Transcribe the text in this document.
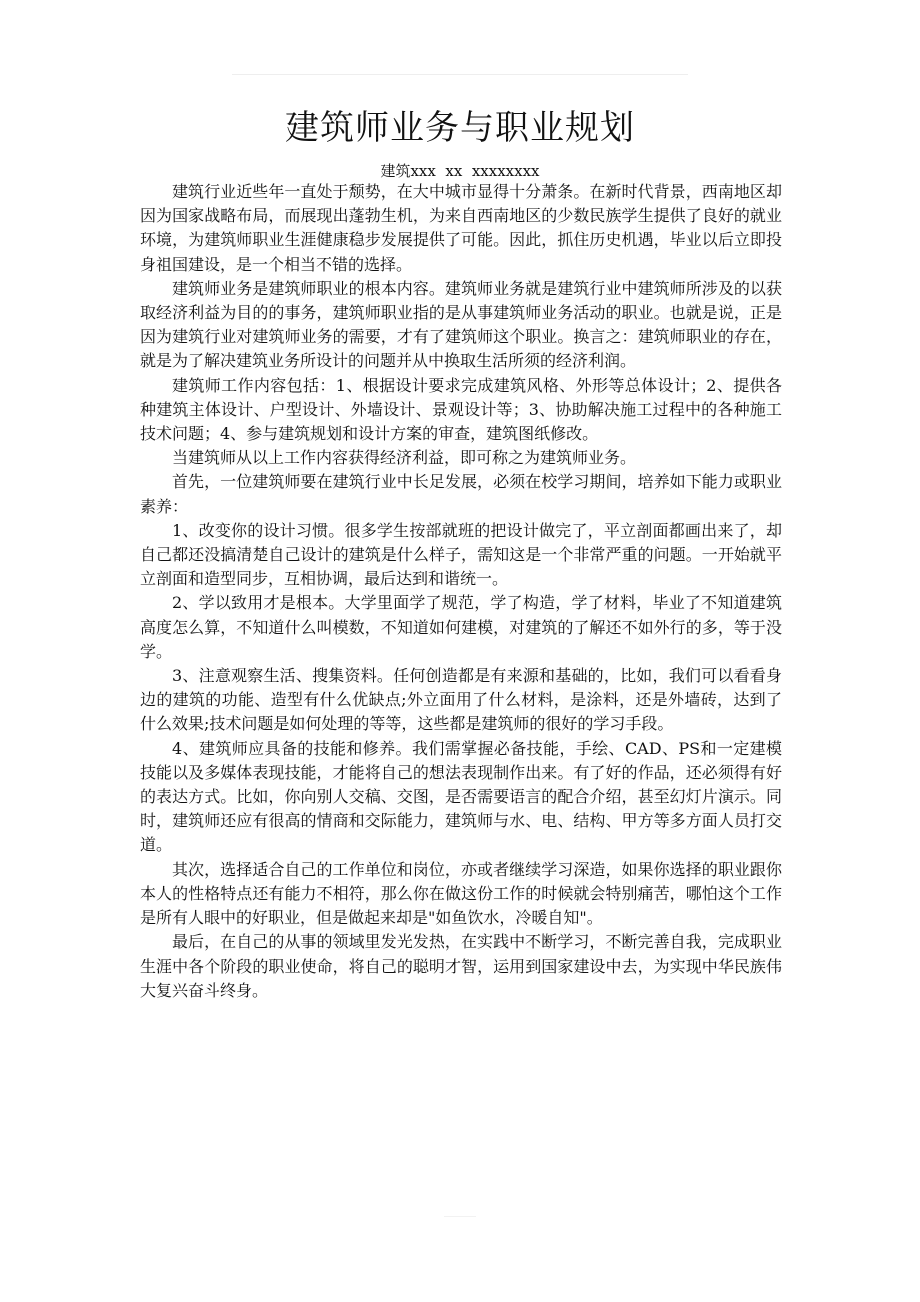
建筑师业务与职业规划
建筑xxx  xx  xxxxxxxx

建筑行业近些年一直处于颓势，在大中城市显得十分萧条。在新时代背景，西南地区却因为国家战略布局，而展现出蓬勃生机，为来自西南地区的少数民族学生提供了良好的就业环境，为建筑师职业生涯健康稳步发展提供了可能。因此，抓住历史机遇，毕业以后立即投身祖国建设，是一个相当不错的选择。

建筑师业务是建筑师职业的根本内容。建筑师业务就是建筑行业中建筑师所涉及的以获取经济利益为目的的事务，建筑师职业指的是从事建筑师业务活动的职业。也就是说，正是因为建筑行业对建筑师业务的需要，才有了建筑师这个职业。换言之：建筑师职业的存在，就是为了解决建筑业务所设计的问题并从中换取生活所须的经济利润。

建筑师工作内容包括：1、根据设计要求完成建筑风格、外形等总体设计；2、提供各种建筑主体设计、户型设计、外墙设计、景观设计等；3、协助解决施工过程中的各种施工技术问题；4、参与建筑规划和设计方案的审查，建筑图纸修改。

当建筑师从以上工作内容获得经济利益，即可称之为建筑师业务。

首先，一位建筑师要在建筑行业中长足发展，必须在校学习期间，培养如下能力或职业素养：

1、改变你的设计习惯。很多学生按部就班的把设计做完了，平立剖面都画出来了，却自己都还没搞清楚自己设计的建筑是什么样子，需知这是一个非常严重的问题。一开始就平立剖面和造型同步，互相协调，最后达到和谐统一。

2、学以致用才是根本。大学里面学了规范，学了构造，学了材料，毕业了不知道建筑高度怎么算，不知道什么叫模数，不知道如何建模，对建筑的了解还不如外行的多，等于没学。

3、注意观察生活、搜集资料。任何创造都是有来源和基础的，比如，我们可以看看身边的建筑的功能、造型有什么优缺点;外立面用了什么材料，是涂料，还是外墙砖，达到了什么效果;技术问题是如何处理的等等，这些都是建筑师的很好的学习手段。

4、建筑师应具备的技能和修养。我们需掌握必备技能，手绘、CAD、PS和一定建模技能以及多媒体表现技能，才能将自己的想法表现制作出来。有了好的作品，还必须得有好的表达方式。比如，你向别人交稿、交图，是否需要语言的配合介绍，甚至幻灯片演示。同时，建筑师还应有很高的情商和交际能力，建筑师与水、电、结构、甲方等多方面人员打交道。

其次，选择适合自己的工作单位和岗位，亦或者继续学习深造，如果你选择的职业跟你本人的性格特点还有能力不相符，那么你在做这份工作的时候就会特别痛苦，哪怕这个工作是所有人眼中的好职业，但是做起来却是"如鱼饮水，冷暖自知"。

最后，在自己的从事的领域里发光发热，在实践中不断学习，不断完善自我，完成职业生涯中各个阶段的职业使命，将自己的聪明才智，运用到国家建设中去，为实现中华民族伟大复兴奋斗终身。
